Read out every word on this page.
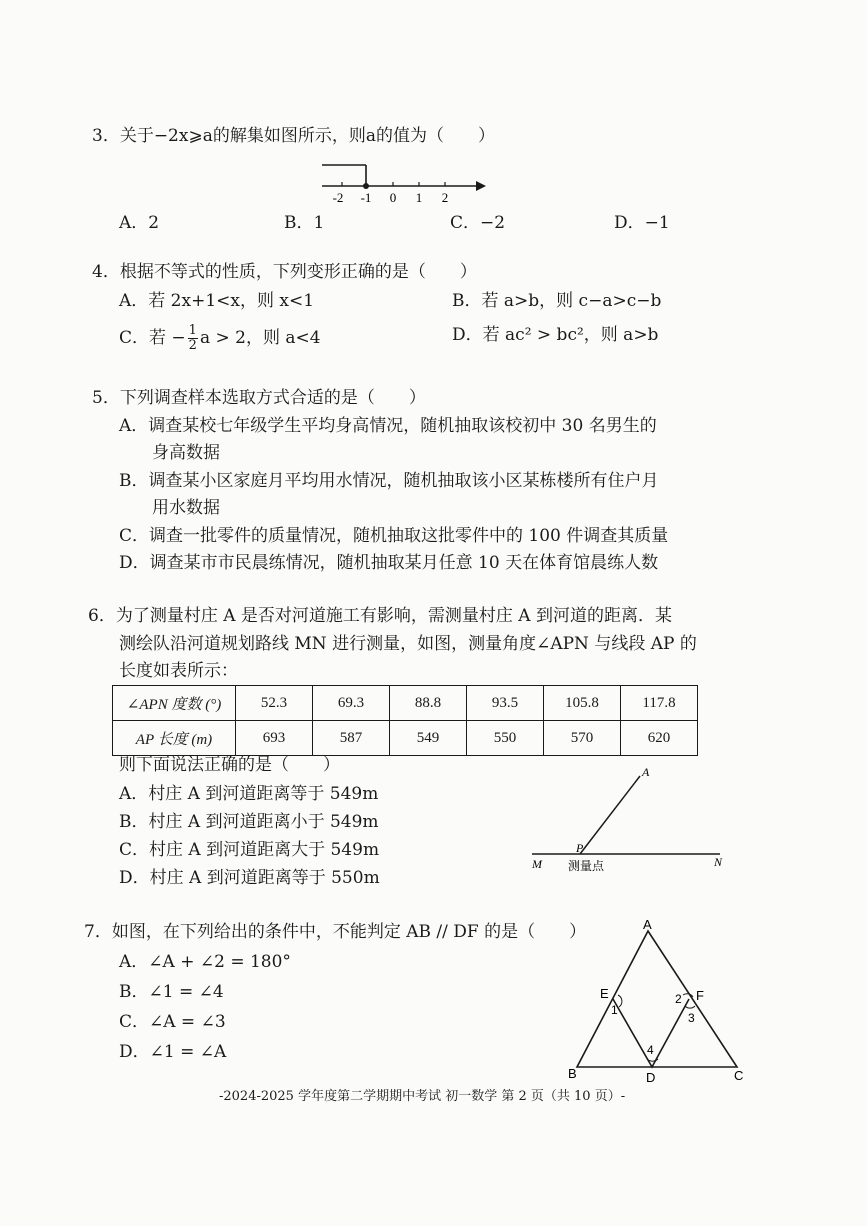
3．关于−2x⩾a的解集如图所示，则a的值为（　　）
-2 -1 0 1 2
A．2	B．1	C．−2	D．−1
4．根据不等式的性质，下列变形正确的是（　　）
A．若 2x+1<x，则 x<1	B．若 a>b，则 c−a>c−b
C．若 − $\frac{1}{2}$ a > 2，则 a<4	D．若 ac² > bc²，则 a>b
5．下列调查样本选取方式合适的是（　　）
A．调查某校七年级学生平均身高情况，随机抽取该校初中 30 名男生的
身高数据
B．调查某小区家庭月平均用水情况，随机抽取该小区某栋楼所有住户月
用水数据
C．调查一批零件的质量情况，随机抽取这批零件中的 100 件调查其质量
D．调查某市市民晨练情况，随机抽取某月任意 10 天在体育馆晨练人数
6．为了测量村庄 A 是否对河道施工有影响，需测量村庄 A 到河道的距离．某
测绘队沿河道规划路线 MN 进行测量，如图，测量角度∠APN 与线段 AP 的
长度如表所示：
∠APN 度数 (°)	52.3	69.3	88.8	93.5	105.8	117.8
AP 长度 (m)	693	587	549	550	570	620
则下面说法正确的是（　　）
A．村庄 A 到河道距离等于 549m
B．村庄 A 到河道距离小于 549m
C．村庄 A 到河道距离大于 549m
D．村庄 A 到河道距离等于 550m
A
P
M	N
测量点
7．如图，在下列给出的条件中，不能判定 AB // DF 的是（　　）
A．∠A + ∠2 = 180°
B．∠1 = ∠4
C．∠A = ∠3
D．∠1 = ∠A
A
E	F
B	D	C
1
2
3
4
-2024-2025 学年度第二学期期中考试 初一数学 第 2 页（共 10 页）-
